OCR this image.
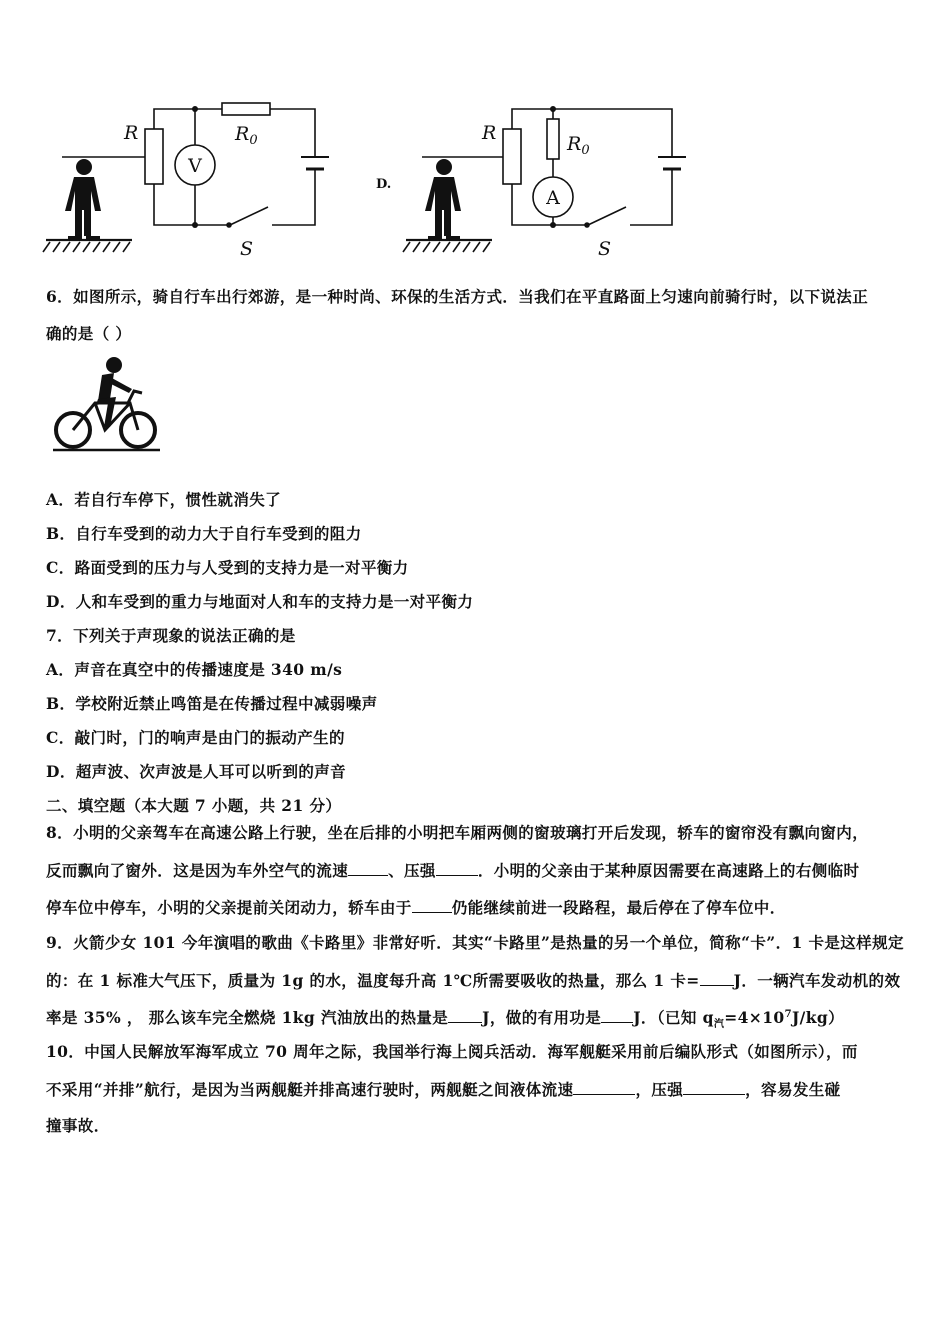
R	$R_0$
V
S
D.
R	$R_0$
A
S
6．如图所示，骑自行车出行郊游，是一种时尚、环保的生活方式．当我们在平直路面上匀速向前骑行时，以下说法正
确的是（ ）
A．若自行车停下，惯性就消失了
B．自行车受到的动力大于自行车受到的阻力
C．路面受到的压力与人受到的支持力是一对平衡力
D．人和车受到的重力与地面对人和车的支持力是一对平衡力
7．下列关于声现象的说法正确的是
A．声音在真空中的传播速度是 340 m/s
B．学校附近禁止鸣笛是在传播过程中减弱噪声
C．敲门时，门的响声是由门的振动产生的
D．超声波、次声波是人耳可以听到的声音
二、填空题（本大题 7 小题，共 21 分）
8．小明的父亲驾车在高速公路上行驶，坐在后排的小明把车厢两侧的窗玻璃打开后发现，轿车的窗帘没有飘向窗内，
反而飘向了窗外．这是因为车外空气的流速	、压强	．小明的父亲由于某种原因需要在高速路上的右侧临时
停车位中停车，小明的父亲提前关闭动力，轿车由于	仍能继续前进一段路程，最后停在了停车位中．
9．火箭少女 101 今年演唱的歌曲《卡路里》非常好听．其实“卡路里”是热量的另一个单位，简称“卡”．1 卡是这样规定
的：在 1 标准大气压下，质量为 1g 的水，温度每升高 1℃所需要吸收的热量，那么 1 卡= J．一辆汽车发动机的效
率是 35% ， 那么该车完全燃烧 1kg 汽油放出的热量是 J，做的有用功是 J．（已知 $q_汽=4\times 10^7J/kg$）
10．中国人民解放军海军成立 70 周年之际，我国举行海上阅兵活动．海军舰艇采用前后编队形式（如图所示），而
不采用“并排”航行，是因为当两舰艇并排高速行驶时，两舰艇之间液体流速	，压强	，容易发生碰
撞事故．
